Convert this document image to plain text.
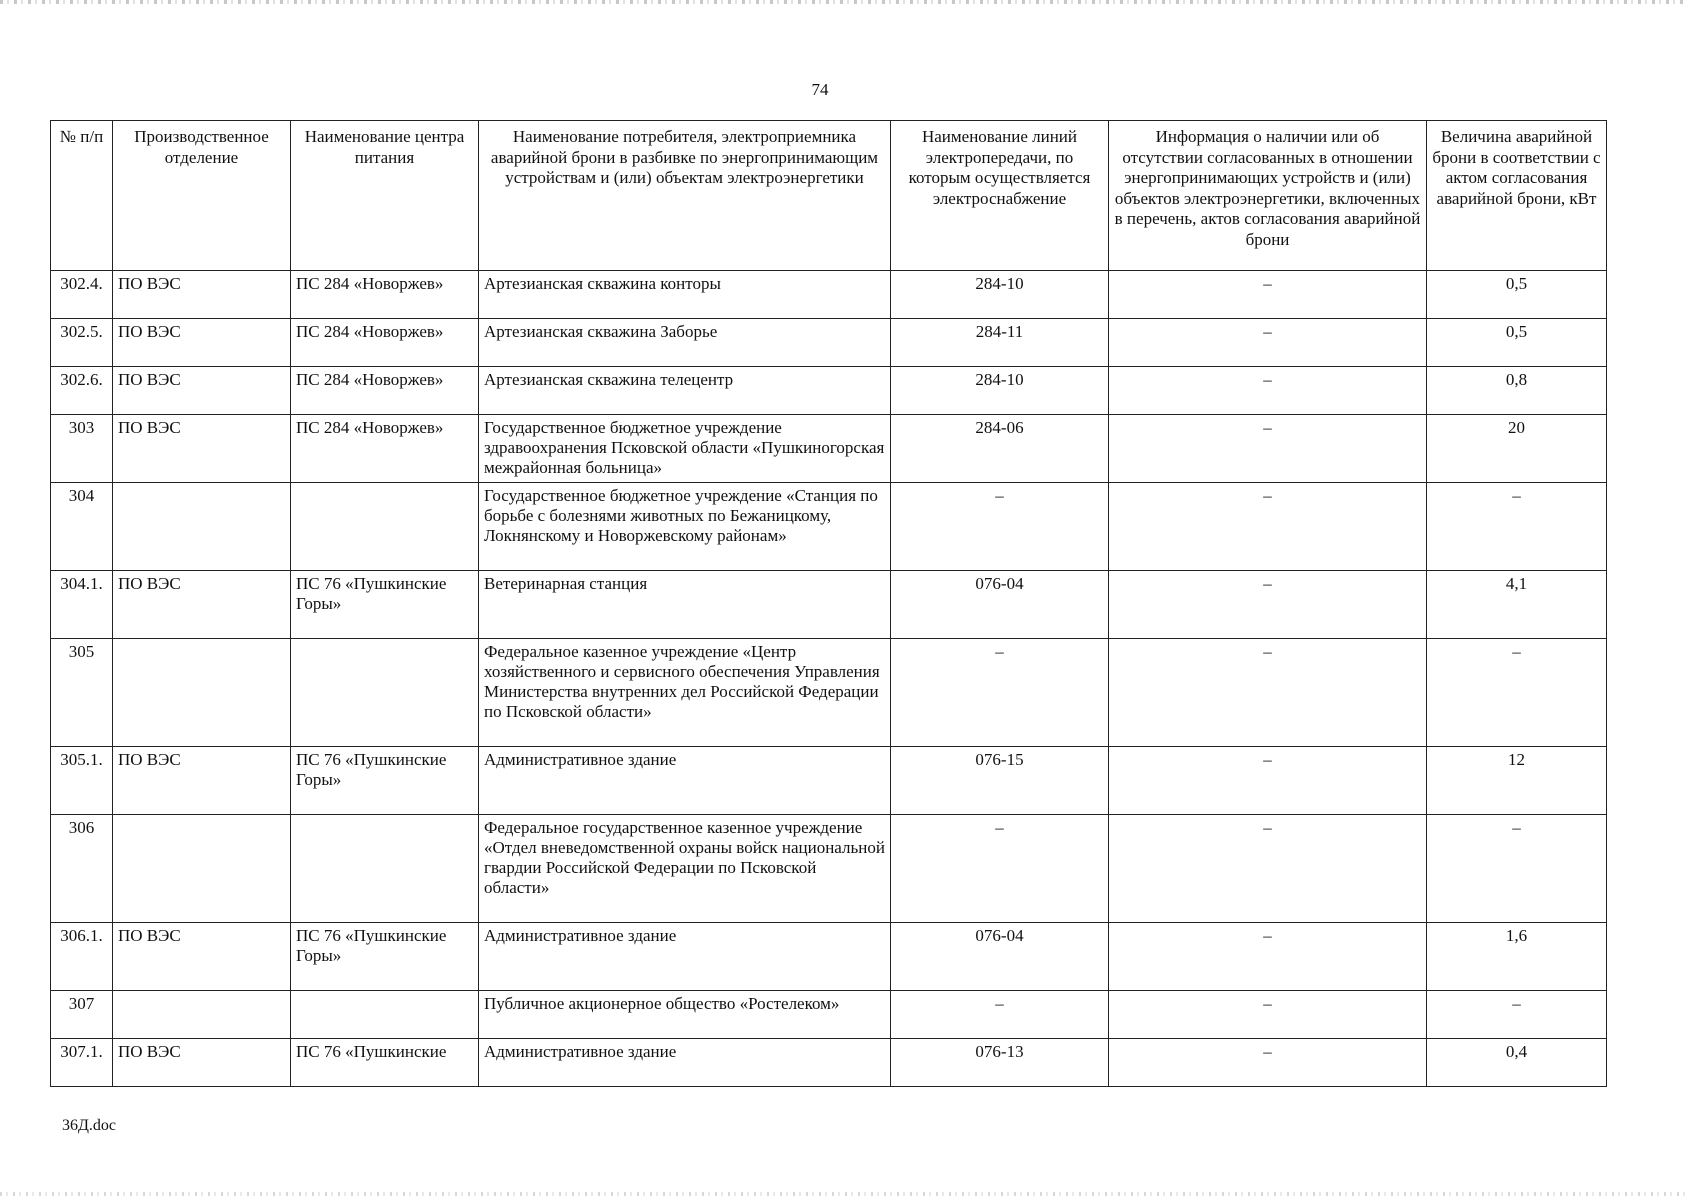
74
№ п/п	Производственное отделение	Наименование центра питания	Наименование потребителя, электроприемника аварийной брони в разбивке по энергопринимающим устройствам и (или) объектам электроэнергетики	Наименование линий электропередачи, по которым осуществляется электроснабжение	Информация о наличии или об отсутствии согласованных в отношении энергопринимающих устройств и (или) объектов электроэнергетики, включенных в перечень, актов согласования аварийной брони	Величина аварийной брони в соответствии с актом согласования аварийной брони, кВт
302.4.	ПО ВЭС	ПС 284 «Новоржев»	Артезианская скважина конторы	284-10	–	0,5
302.5.	ПО ВЭС	ПС 284 «Новоржев»	Артезианская скважина Заборье	284-11	–	0,5
302.6.	ПО ВЭС	ПС 284 «Новоржев»	Артезианская скважина телецентр	284-10	–	0,8
303	ПО ВЭС	ПС 284 «Новоржев»	Государственное бюджетное учреждение здравоохранения Псковской области «Пушкиногорская межрайонная больница»	284-06	–	20
304			Государственное бюджетное учреждение «Станция по борьбе с болезнями животных по Бежаницкому, Локнянскому и Новоржевскому районам»	–	–	–
304.1.	ПО ВЭС	ПС 76 «Пушкинские Горы»	Ветеринарная станция	076-04	–	4,1
305			Федеральное казенное учреждение «Центр хозяйственного и сервисного обеспечения Управления Министерства внутренних дел Российской Федерации по Псковской области»	–	–	–
305.1.	ПО ВЭС	ПС 76 «Пушкинские Горы»	Административное здание	076-15	–	12
306			Федеральное государственное казенное учреждение «Отдел вневедомственной охраны войск национальной гвардии Российской Федерации по Псковской области»	–	–	–
306.1.	ПО ВЭС	ПС 76 «Пушкинские Горы»	Административное здание	076-04	–	1,6
307			Публичное акционерное общество «Ростелеком»	–	–	–
307.1.	ПО ВЭС	ПС 76 «Пушкинские	Административное здание	076-13	–	0,4
36Д.doc
